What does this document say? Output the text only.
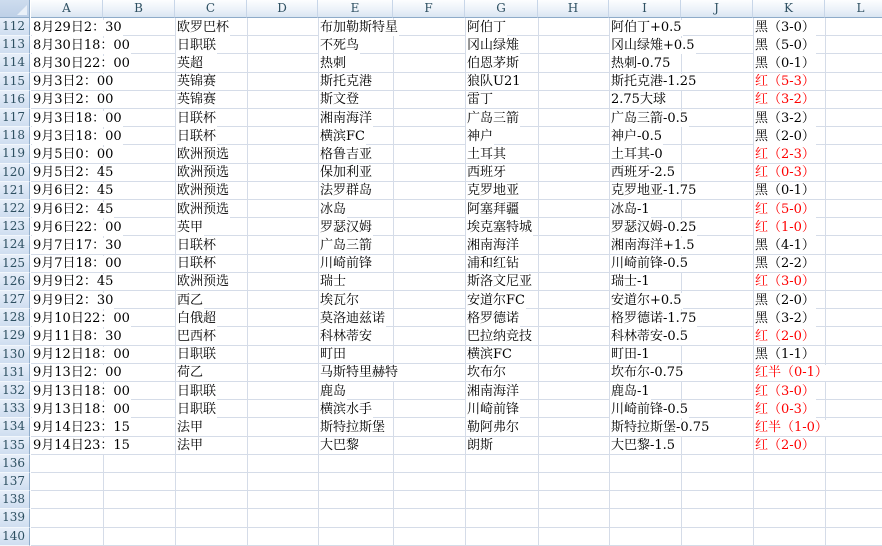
A	B	C	D	E	F	G	H	I	J	K	L
112 8月29日2：30	欧罗巴杯	布加勒斯特星	阿伯丁	阿伯丁+0.5	黑（3-0）
113 8月30日18：00	日职联	不死鸟	冈山绿雉	冈山绿雉+0.5	黑（5-0）
114 8月30日22：00	英超	热刺	伯恩茅斯	热刺-0.75	黑（0-1）
115 9月3日2：00	英锦赛	斯托克港	狼队U21	斯托克港-1.25	红（5-3）
116 9月3日2：00	英锦赛	斯文登	雷丁	2.75大球	红（3-2）
117 9月3日18：00	日联杯	湘南海洋	广岛三箭	广岛三箭-0.5	黑（3-2）
118 9月3日18：00	日联杯	横滨FC	神户	神户-0.5	黑（2-0）
119 9月5日0：00	欧洲预选	格鲁吉亚	土耳其	土耳其-0	红（2-3）
120 9月5日2：45	欧洲预选	保加利亚	西班牙	西班牙-2.5	红（0-3）
121 9月6日2：45	欧洲预选	法罗群岛	克罗地亚	克罗地亚-1.75	黑（0-1）
122 9月6日2：45	欧洲预选	冰岛	阿塞拜疆	冰岛-1	红（5-0）
123 9月6日22：00	英甲	罗瑟汉姆	埃克塞特城	罗瑟汉姆-0.25	红（1-0）
124 9月7日17：30	日联杯	广岛三箭	湘南海洋	湘南海洋+1.5	黑（4-1）
125 9月7日18：00	日联杯	川崎前锋	浦和红钻	川崎前锋-0.5	黑（2-2）
126 9月9日2：45	欧洲预选	瑞士	斯洛文尼亚	瑞士-1	红（3-0）
127 9月9日2：30	西乙	埃瓦尔	安道尔FC	安道尔+0.5	黑（2-0）
128 9月10日22：00	白俄超	莫洛迪兹诺	格罗德诺	格罗德诺-1.75	黑（3-2）
129 9月11日8：30	巴西杯	科林蒂安	巴拉纳竞技	科林蒂安-0.5	红（2-0）
130 9月12日18：00	日职联	町田	横滨FC	町田-1	黑（1-1）
131 9月13日2：00	荷乙	马斯特里赫特	坎布尔	坎布尔-0.75	红半（0-1）
132 9月13日18：00	日职联	鹿岛	湘南海洋	鹿岛-1	红（3-0）
133 9月13日18：00	日职联	横滨水手	川崎前锋	川崎前锋-0.5	红（0-3）
134 9月14日23：15	法甲	斯特拉斯堡	勒阿弗尔	斯特拉斯堡-0.75	红半（1-0）
135 9月14日23：15	法甲	大巴黎	朗斯	大巴黎-1.5	红（2-0）
136
137
138
139
140
